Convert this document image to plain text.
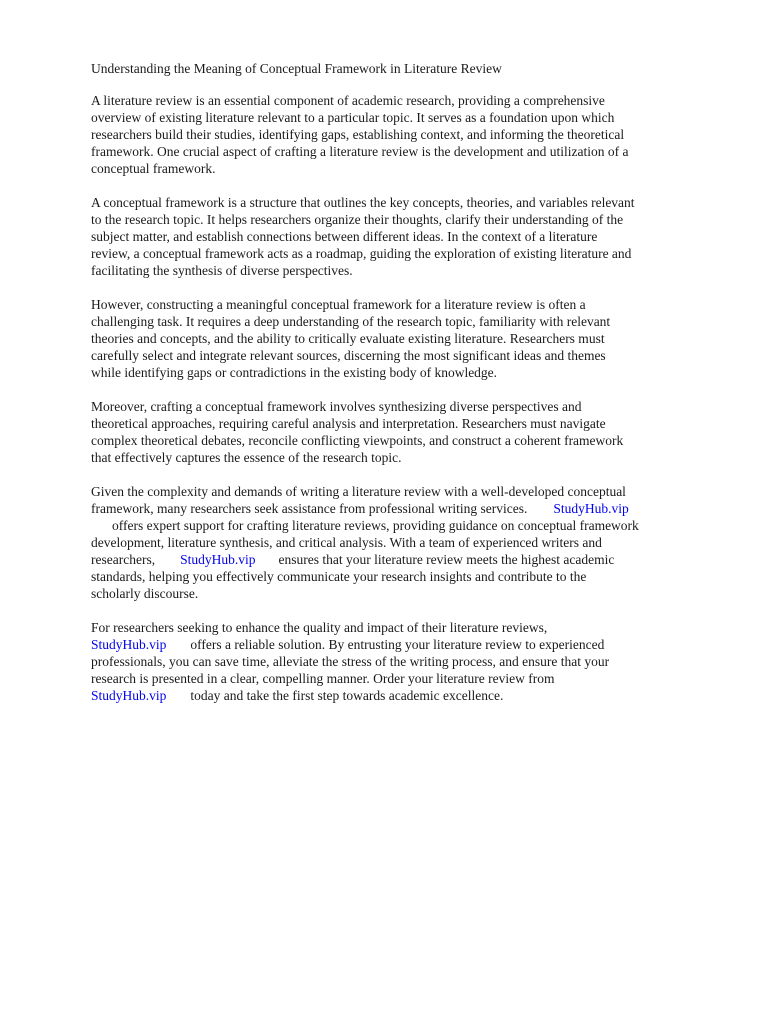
Understanding the Meaning of Conceptual Framework in Literature Review

A literature review is an essential component of academic research, providing a comprehensive
overview of existing literature relevant to a particular topic. It serves as a foundation upon which
researchers build their studies, identifying gaps, establishing context, and informing the theoretical
framework. One crucial aspect of crafting a literature review is the development and utilization of a
conceptual framework.

A conceptual framework is a structure that outlines the key concepts, theories, and variables relevant
to the research topic. It helps researchers organize their thoughts, clarify their understanding of the
subject matter, and establish connections between different ideas. In the context of a literature
review, a conceptual framework acts as a roadmap, guiding the exploration of existing literature and
facilitating the synthesis of diverse perspectives.

However, constructing a meaningful conceptual framework for a literature review is often a
challenging task. It requires a deep understanding of the research topic, familiarity with relevant
theories and concepts, and the ability to critically evaluate existing literature. Researchers must
carefully select and integrate relevant sources, discerning the most significant ideas and themes
while identifying gaps or contradictions in the existing body of knowledge.

Moreover, crafting a conceptual framework involves synthesizing diverse perspectives and
theoretical approaches, requiring careful analysis and interpretation. Researchers must navigate
complex theoretical debates, reconcile conflicting viewpoints, and construct a coherent framework
that effectively captures the essence of the research topic.

Given the complexity and demands of writing a literature review with a well-developed conceptual
framework, many researchers seek assistance from professional writing services. StudyHub.vip
offers expert support for crafting literature reviews, providing guidance on conceptual framework
development, literature synthesis, and critical analysis. With a team of experienced writers and
researchers, StudyHub.vip ensures that your literature review meets the highest academic
standards, helping you effectively communicate your research insights and contribute to the
scholarly discourse.

For researchers seeking to enhance the quality and impact of their literature reviews,
StudyHub.vip offers a reliable solution. By entrusting your literature review to experienced
professionals, you can save time, alleviate the stress of the writing process, and ensure that your
research is presented in a clear, compelling manner. Order your literature review from
StudyHub.vip today and take the first step towards academic excellence.
